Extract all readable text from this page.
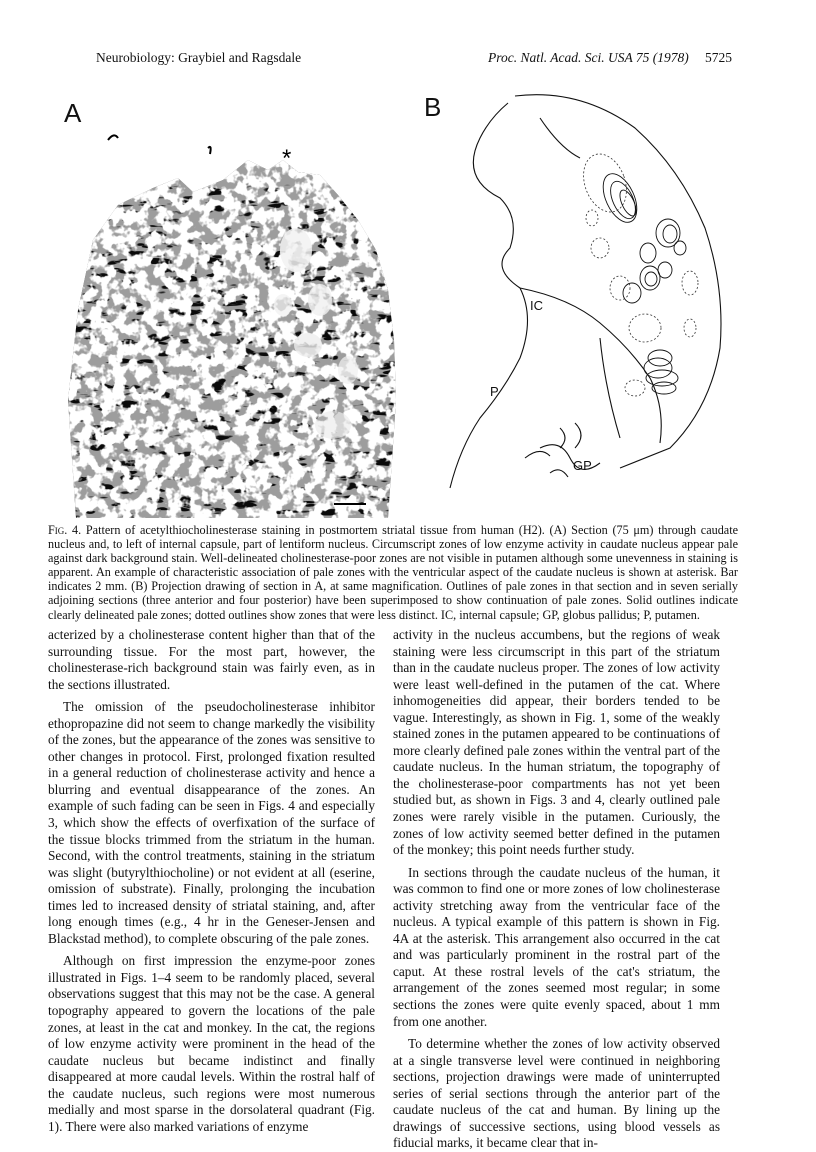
Neurobiology: Graybiel and Ragsdale	Proc. Natl. Acad. Sci. USA 75 (1978) 5725
A	B
*
IC
P
GP
Fig. 4. Pattern of acetylthiocholinesterase staining in postmortem striatal tissue from human (H2). (A) Section (75 μm) through caudate nucleus and, to left of internal capsule, part of lentiform nucleus. Circumscript zones of low enzyme activity in caudate nucleus appear pale against dark background stain. Well-delineated cholinesterase-poor zones are not visible in putamen although some unevenness in staining is apparent. An example of characteristic association of pale zones with the ventricular aspect of the caudate nucleus is shown at asterisk. Bar indicates 2 mm. (B) Projection drawing of section in A, at same magnification. Outlines of pale zones in that section and in seven serially adjoining sections (three anterior and four posterior) have been superimposed to show continuation of pale zones. Solid outlines indicate clearly delineated pale zones; dotted outlines show zones that were less distinct. IC, internal capsule; GP, globus pallidus; P, putamen.

acterized by a cholinesterase content higher than that of the surrounding tissue. For the most part, however, the cholinesterase-rich background stain was fairly even, as in the sections illustrated.

The omission of the pseudocholinesterase inhibitor ethopropazine did not seem to change markedly the visibility of the zones, but the appearance of the zones was sensitive to other changes in protocol. First, prolonged fixation resulted in a general reduction of cholinesterase activity and hence a blurring and eventual disappearance of the zones. An example of such fading can be seen in Figs. 4 and especially 3, which show the effects of overfixation of the surface of the tissue blocks trimmed from the striatum in the human. Second, with the control treatments, staining in the striatum was slight (butyrylthiocholine) or not evident at all (eserine, omission of substrate). Finally, prolonging the incubation times led to increased density of striatal staining, and, after long enough times (e.g., 4 hr in the Geneser-Jensen and Blackstad method), to complete obscuring of the pale zones.

Although on first impression the enzyme-poor zones illustrated in Figs. 1–4 seem to be randomly placed, several observations suggest that this may not be the case. A general topography appeared to govern the locations of the pale zones, at least in the cat and monkey. In the cat, the regions of low enzyme activity were prominent in the head of the caudate nucleus but became indistinct and finally disappeared at more caudal levels. Within the rostral half of the caudate nucleus, such regions were most numerous medially and most sparse in the dorsolateral quadrant (Fig. 1). There were also marked variations of enzyme

activity in the nucleus accumbens, but the regions of weak staining were less circumscript in this part of the striatum than in the caudate nucleus proper. The zones of low activity were least well-defined in the putamen of the cat. Where inhomogeneities did appear, their borders tended to be vague. Interestingly, as shown in Fig. 1, some of the weakly stained zones in the putamen appeared to be continuations of more clearly defined pale zones within the ventral part of the caudate nucleus. In the human striatum, the topography of the cholinesterase-poor compartments has not yet been studied but, as shown in Figs. 3 and 4, clearly outlined pale zones were rarely visible in the putamen. Curiously, the zones of low activity seemed better defined in the putamen of the monkey; this point needs further study.

In sections through the caudate nucleus of the human, it was common to find one or more zones of low cholinesterase activity stretching away from the ventricular face of the nucleus. A typical example of this pattern is shown in Fig. 4A at the asterisk. This arrangement also occurred in the cat and was particularly prominent in the rostral part of the caput. At these rostral levels of the cat's striatum, the arrangement of the zones seemed most regular; in some sections the zones were quite evenly spaced, about 1 mm from one another.

To determine whether the zones of low activity observed at a single transverse level were continued in neighboring sections, projection drawings were made of uninterrupted series of serial sections through the anterior part of the caudate nucleus of the cat and human. By lining up the drawings of successive sections, using blood vessels as fiducial marks, it became clear that in-
